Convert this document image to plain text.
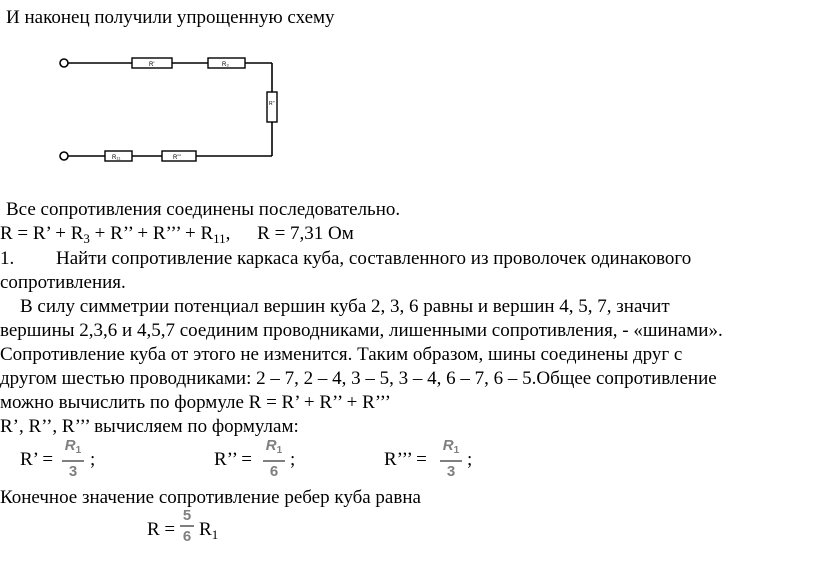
И наконец получили упрощенную схему
R'	R₃
R''
R₁₁	R'''
Все сопротивления соединены последовательно.
R = R’ + $R_3 + R$’’ + R’’’ + $R_{11}$, R = 7,31 Ом
1. Найти сопротивление каркаса куба, составленного из проволочек одинакового
сопротивления.
В силу симметрии потенциал вершин куба 2, 3, 6 равны и вершин 4, 5, 7, значит
вершины 2,3,6 и 4,5,7 соединим проводниками, лишенными сопротивления, - «шинами».
Сопротивление куба от этого не изменится. Таким образом, шины соединены друг с
другом шестью проводниками: 2 – 7, 2 – 4, 3 – 5, 3 – 4, 6 – 7, 6 – 5.Общее сопротивление
можно вычислить по формуле R = R’ + R’’ + R’’’
R’, R’’, R’’’ вычисляем по формулам:
R’ =
$R_1$
3
;	R’’ =
$R_1$
6
;	R’’’ =
$R_1$
3
;
Конечное значение сопротивление ребер куба равна
R =
5
6 $R_1$
